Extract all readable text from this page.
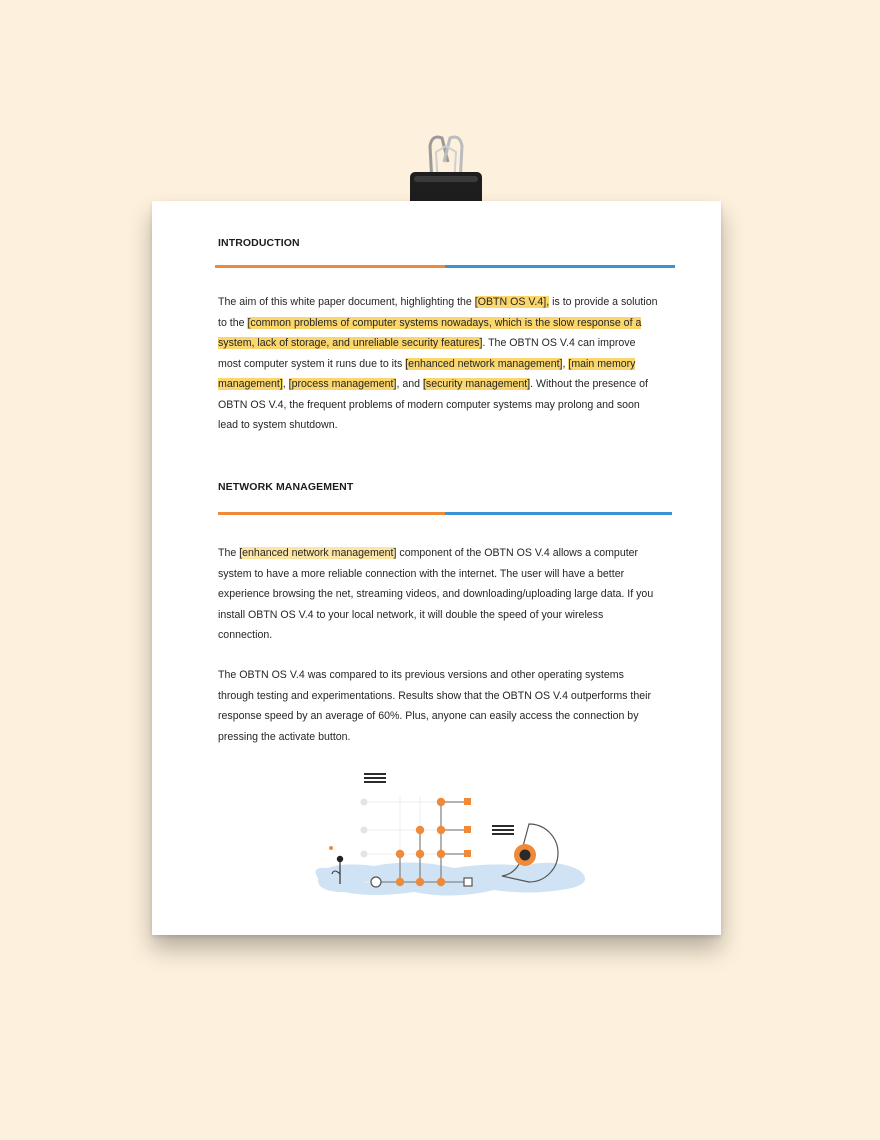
INTRODUCTION
The aim of this white paper document, highlighting the [OBTN OS V.4], is to provide a solution to the [common problems of computer systems nowadays, which is the slow response of a system, lack of storage, and unreliable security features]. The OBTN OS V.4 can improve most computer system it runs due to its [enhanced network management], [main memory management], [process management], and [security management]. Without the presence of OBTN OS V.4, the frequent problems of modern computer systems may prolong and soon lead to system shutdown.
NETWORK MANAGEMENT
The [enhanced network management] component of the OBTN OS V.4 allows a computer system to have a more reliable connection with the internet. The user will have a better experience browsing the net, streaming videos, and downloading/uploading large data. If you install OBTN OS V.4 to your local network, it will double the speed of your wireless connection.
The OBTN OS V.4 was compared to its previous versions and other operating systems through testing and experimentations. Results show that the OBTN OS V.4 outperforms their response speed by an average of 60%. Plus, anyone can easily access the connection by pressing the activate button.
